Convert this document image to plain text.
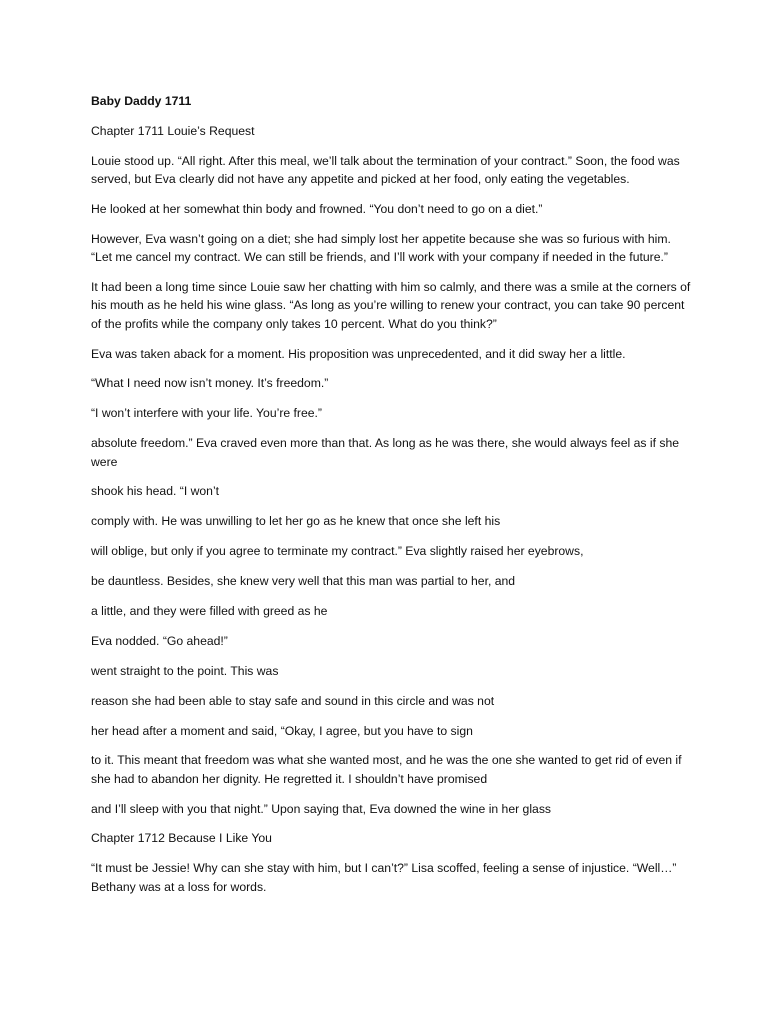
Baby Daddy 1711

Chapter 1711 Louie’s Request

Louie stood up. “All right. After this meal, we’ll talk about the termination of your contract.” Soon, the food was served, but Eva clearly did not have any appetite and picked at her food, only eating the vegetables.

He looked at her somewhat thin body and frowned. “You don’t need to go on a diet.”

However, Eva wasn’t going on a diet; she had simply lost her appetite because she was so furious with him. “Let me cancel my contract. We can still be friends, and I’ll work with your company if needed in the future.”

It had been a long time since Louie saw her chatting with him so calmly, and there was a smile at the corners of his mouth as he held his wine glass. “As long as you’re willing to renew your contract, you can take 90 percent of the profits while the company only takes 10 percent. What do you think?”

Eva was taken aback for a moment. His proposition was unprecedented, and it did sway her a little.

“What I need now isn’t money. It’s freedom.”

“I won’t interfere with your life. You’re free.”

absolute freedom.” Eva craved even more than that. As long as he was there, she would always feel as if she were

shook his head. “I won’t

comply with. He was unwilling to let her go as he knew that once she left his

will oblige, but only if you agree to terminate my contract.” Eva slightly raised her eyebrows,

be dauntless. Besides, she knew very well that this man was partial to her, and

a little, and they were filled with greed as he

Eva nodded. “Go ahead!”

went straight to the point. This was

reason she had been able to stay safe and sound in this circle and was not

her head after a moment and said, “Okay, I agree, but you have to sign

to it. This meant that freedom was what she wanted most, and he was the one she wanted to get rid of even if she had to abandon her dignity. He regretted it. I shouldn’t have promised

and I’ll sleep with you that night.” Upon saying that, Eva downed the wine in her glass

Chapter 1712 Because I Like You

“It must be Jessie! Why can she stay with him, but I can’t?” Lisa scoffed, feeling a sense of injustice. “Well…” Bethany was at a loss for words.
